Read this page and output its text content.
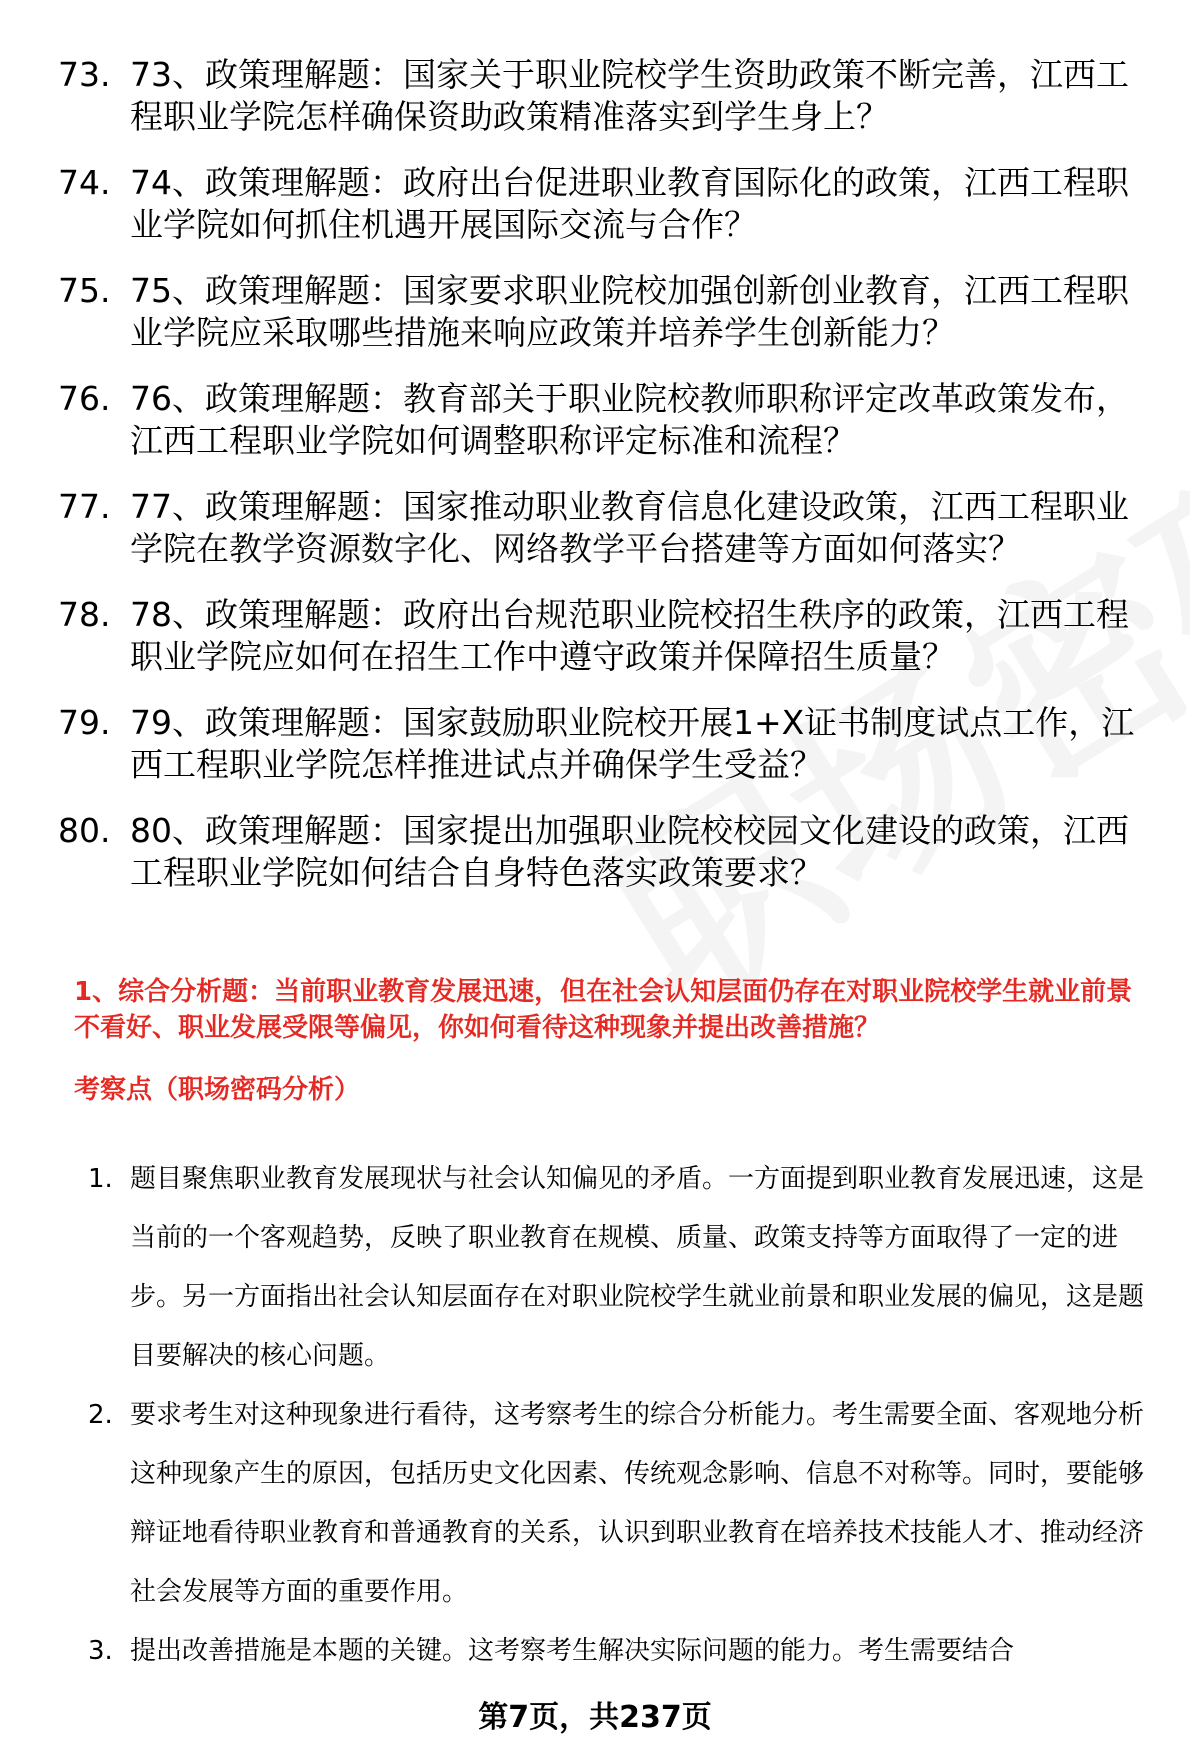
73. 73、政策理解题：国家关于职业院校学生资助政策不断完善，江西工程职业学院怎样确保资助政策精准落实到学生身上？
74. 74、政策理解题：政府出台促进职业教育国际化的政策，江西工程职业学院如何抓住机遇开展国际交流与合作？
75. 75、政策理解题：国家要求职业院校加强创新创业教育，江西工程职业学院应采取哪些措施来响应政策并培养学生创新能力？
76. 76、政策理解题：教育部关于职业院校教师职称评定改革政策发布，江西工程职业学院如何调整职称评定标准和流程？
77. 77、政策理解题：国家推动职业教育信息化建设政策，江西工程职业学院在教学资源数字化、网络教学平台搭建等方面如何落实？
78. 78、政策理解题：政府出台规范职业院校招生秩序的政策，江西工程职业学院应如何在招生工作中遵守政策并保障招生质量？
79. 79、政策理解题：国家鼓励职业院校开展1+X证书制度试点工作，江西工程职业学院怎样推进试点并确保学生受益？
80. 80、政策理解题：国家提出加强职业院校校园文化建设的政策，江西工程职业学院如何结合自身特色落实政策要求？
1、综合分析题：当前职业教育发展迅速，但在社会认知层面仍存在对职业院校学生就业前景不看好、职业发展受限等偏见，你如何看待这种现象并提出改善措施？
考察点（职场密码分析）
1. 题目聚焦职业教育发展现状与社会认知偏见的矛盾。一方面提到职业教育发展迅速，这是当前的一个客观趋势，反映了职业教育在规模、质量、政策支持等方面取得了一定的进步。另一方面指出社会认知层面存在对职业院校学生就业前景和职业发展的偏见，这是题目要解决的核心问题。
2. 要求考生对这种现象进行看待，这考察考生的综合分析能力。考生需要全面、客观地分析这种现象产生的原因，包括历史文化因素、传统观念影响、信息不对称等。同时，要能够辩证地看待职业教育和普通教育的关系，认识到职业教育在培养技术技能人才、推动经济社会发展等方面的重要作用。
3. 提出改善措施是本题的关键。这考察考生解决实际问题的能力。考生需要结合
第7页，共237页
